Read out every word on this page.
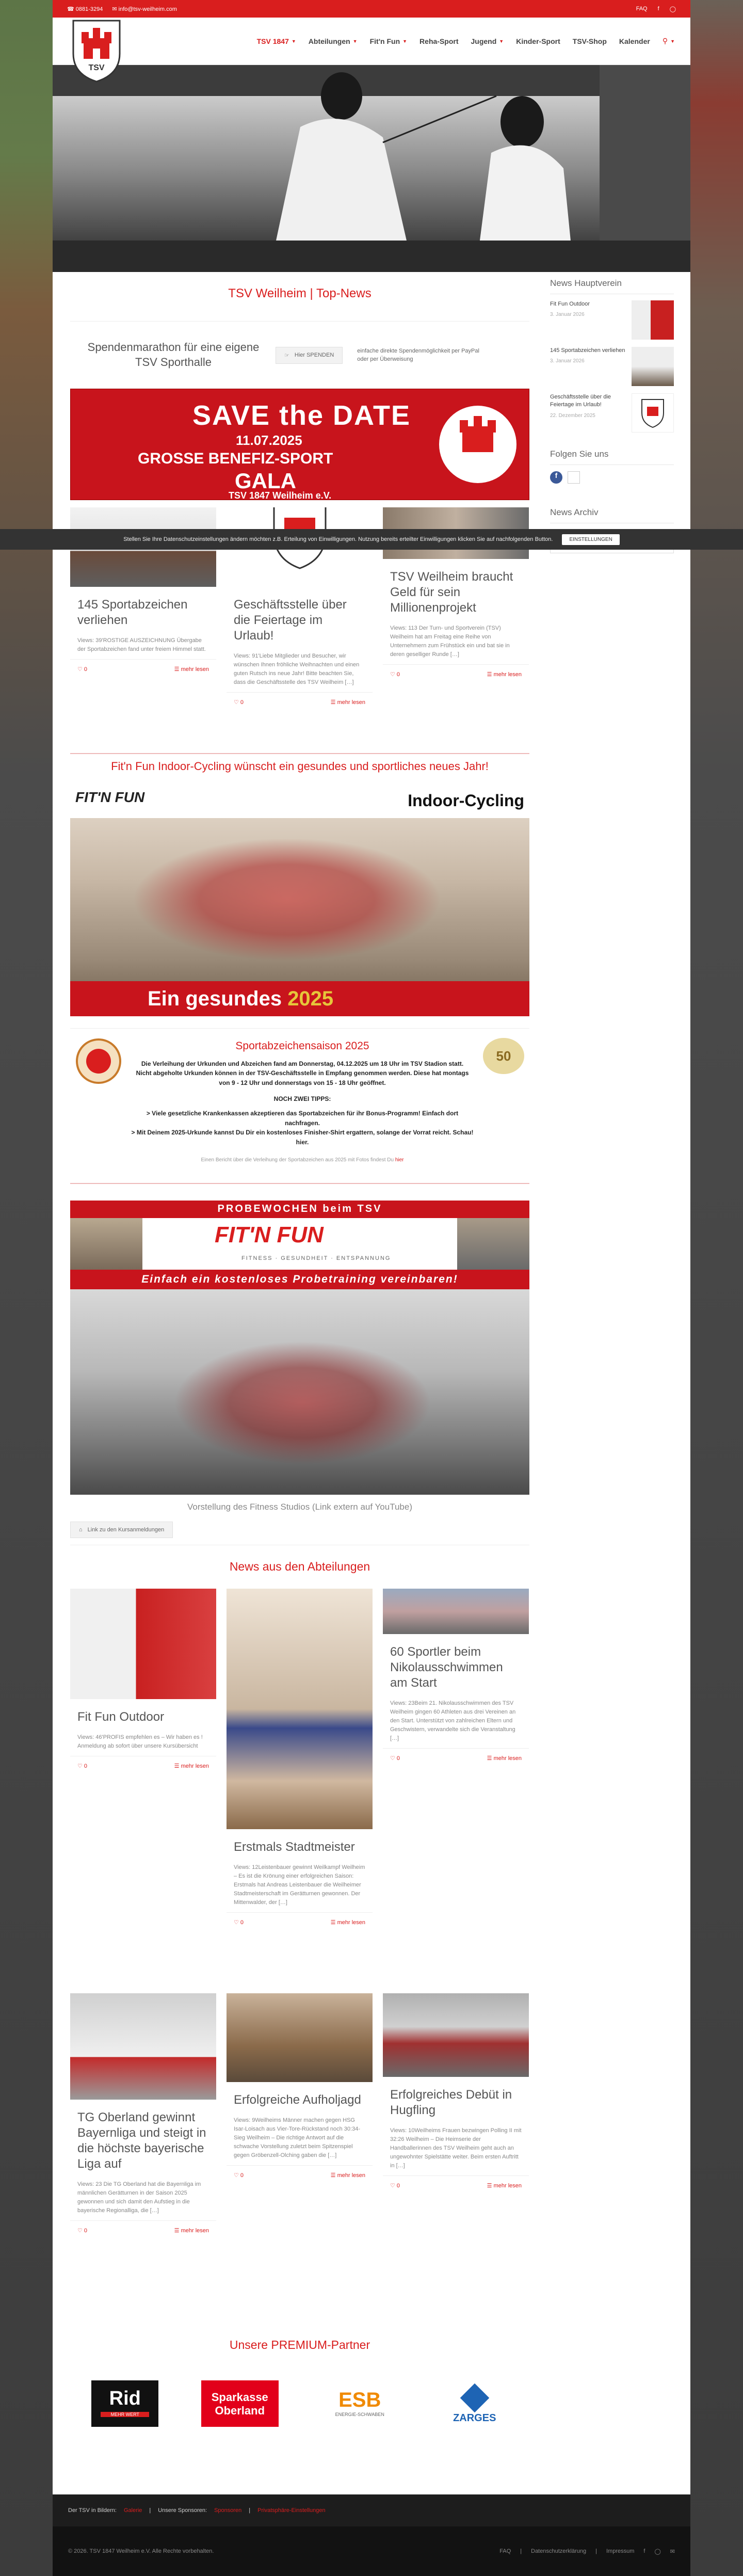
☎ 0881-3294 ✉ info@tsv-weilheim.com	FAQ f ◯
TSV
TSV 1847 ▼ Abteilungen ▼ Fit'n Fun ▼ Reha-Sport Jugend ▼ Kinder-Sport TSV-Shop Kalender ⚲ ▼
TSV Weilheim | Top-News
Spendenmarathon für eine eigene TSV Sporthalle
☞ Hier SPENDEN
einfache direkte Spendenmöglichkeit per PayPal oder per Überweisung
SAVE the DATE
11.07.2025
GROSSE BENEFIZ-SPORT
GALA
TSV 1847 Weilheim e.V.
145 Sportabzeichen verliehen

Views: 39'ROSTIGE AUSZEICHNUNG Übergabe der Sportabzeichen fand unter freiem Himmel statt.

♡ 0	☰ mehr lesen
Geschäftsstelle über die Feiertage im Urlaub!

Views: 91'Liebe Mitglieder und Besucher, wir wünschen Ihnen fröhliche Weihnachten und einen guten Rutsch ins neue Jahr! Bitte beachten Sie, dass die Geschäftsstelle des TSV Weilheim […]

♡ 0	☰ mehr lesen
TSV Weilheim braucht Geld für sein Millionenprojekt

Views: 113 Der Turn- und Sportverein (TSV) Weilheim hat am Freitag eine Reihe von Unternehmern zum Frühstück ein und bat sie in deren geselliger Runde […]

♡ 0	☰ mehr lesen
Fit'n Fun Indoor-Cycling wünscht ein gesundes und sportliches neues Jahr!
FIT'N FUN	Indoor-Cycling
Ein gesundes 2025
Sportabzeichensaison 2025
Die Verleihung der Urkunden und Abzeichen fand am Donnerstag, 04.12.2025 um 18 Uhr im TSV Stadion statt.
Nicht abgeholte Urkunden können in der TSV-Geschäftsstelle in Empfang genommen werden. Diese hat montags von 9 - 12 Uhr und donnerstags von 15 - 18 Uhr geöffnet.
NOCH ZWEI TIPPS:
> Viele gesetzliche Krankenkassen akzeptieren das Sportabzeichen für ihr Bonus-Programm! Einfach dort nachfragen.
> Mit Deinem 2025-Urkunde kannst Du Dir ein kostenloses Finisher-Shirt ergattern, solange der Vorrat reicht. Schau! hier.
Einen Bericht über die Verleihung der Sportabzeichen aus 2025 mit Fotos findest Du hier
50
PROBEWOCHEN beim TSV
FIT'N FUN
FITNESS · GESUNDHEIT · ENTSPANNUNG
Einfach ein kostenloses Probetraining vereinbaren!
Vorstellung des Fitness Studios (Link extern auf YouTube)
⌂ Link zu den Kursanmeldungen
News aus den Abteilungen
Fit Fun Outdoor

Views: 46'PROFIS empfehlen es – Wir haben es ! Anmeldung ab sofort über unsere Kursübersicht

♡ 0	☰ mehr lesen
TG Oberland gewinnt Bayernliga und steigt in die höchste bayerische Liga auf

Views: 23 Die TG Oberland hat die Bayernliga im männlichen Gerätturnen in der Saison 2025 gewonnen und sich damit den Aufstieg in die bayerische Regionalliga, die […]

♡ 0	☰ mehr lesen
Erstmals Stadtmeister

Views: 12Leistenbauer gewinnt Weilkampf Weilheim – Es ist die Krönung einer erfolgreichen Saison: Erstmals hat Andreas Leistenbauer die Weilheimer Stadtmeisterschaft im Gerätturnen gewonnen. Der Mittenwalder, der […]

♡ 0	☰ mehr lesen
Erfolgreiche Aufholjagd

Views: 9Weilheims Männer machen gegen HSG Isar-Loisach aus Vier-Tore-Rückstand noch 30:34-Sieg Weilheim – Die richtige Antwort auf die schwache Vorstellung zuletzt beim Spitzenspiel gegen Gröbenzell-Olching gaben die […]

♡ 0	☰ mehr lesen
60 Sportler beim Nikolausschwimmen am Start

Views: 23Beim 21. Nikolausschwimmen des TSV Weilheim gingen 60 Athleten aus drei Vereinen an den Start. Unterstützt von zahlreichen Eltern und Geschwistern, verwandelte sich die Veranstaltung […]

♡ 0	☰ mehr lesen
Erfolgreiches Debüt in Hugfling

Views: 10Weilheims Frauen bezwingen Polling II mit 32:26 Weilheim – Die Heimserie der Handballerinnen des TSV Weilheim geht auch an ungewohnter Spielstätte weiter. Beim ersten Auftritt in […]

♡ 0	☰ mehr lesen
Unsere PREMIUM-Partner
Rid
MEHR WERT
Sparkasse
Oberland	ESB
ENERGIE-SCHWABEN	ZARGES
News Hauptverein
Fit Fun Outdoor
3. Januar 2026
145 Sportabzeichen verliehen
3. Januar 2026
Geschäftsstelle über die Feiertage im Urlaub!
22. Dezember 2025
Folgen Sie uns
f
News Archiv
Der TSV in Bildern: Galerie | Unsere Sponsoren: Sponsoren | Privatsphäre-Einstellungen
Stellen Sie Ihre Datenschutzeinstellungen ändern möchten z.B. Erteilung von Einwilligungen. Nutzung bereits erteilter Einwilligungen klicken Sie auf nachfolgenden Button.	EINSTELLUNGEN
© 2026. TSV 1847 Weilheim e.V. Alle Rechte vorbehalten.	FAQ | Datenschutzerklärung | Impressum f ◯ ✉
